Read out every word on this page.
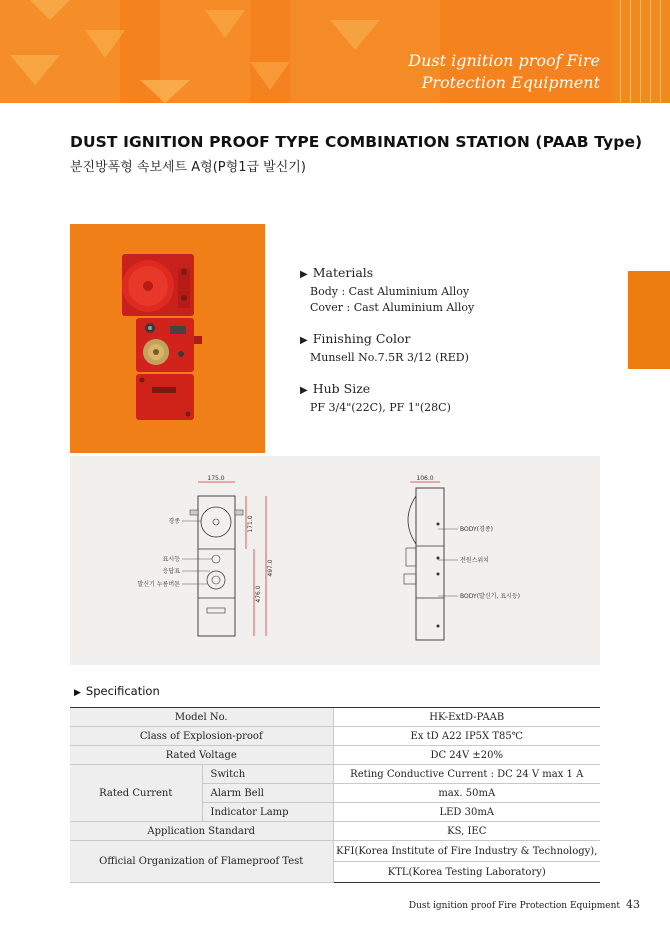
Dust ignition proof Fire
Protection Equipment
DUST IGNITION PROOF TYPE COMBINATION STATION (PAAB Type)
분진방폭형 속보세트 A형(P형1급 발신기)
▶ Materials
Body : Cast Aluminium Alloy
Cover : Cast Aluminium Alloy
▶ Finishing Color
Munsell No.7.5R 3/12 (RED)
▶ Hub Size
PF 3/4"(22C), PF 1"(28C)
175.0
경종
표시등
응답표
발신기 누름버튼
171.0
476.0
497.0
106.0
BODY(경종)
전원스위치
BODY(발신기, 표시등)
▶ Specification
Model No.		HK-ExtD-PAAB
Class of Explosion-proof		Ex tD A22 IP5X T85℃
Rated Voltage		DC 24V ±20%
Rated Current	Switch	Reting Conductive Current : DC 24 V max 1 A
	Alarm Bell	max. 50mA
	Indicator Lamp	LED 30mA
Application Standard		KS, IEC
Official Organization of Flameproof Test		KFI(Korea Institute of Fire Industry & Technology),
		KTL(Korea Testing Laboratory)
Dust ignition proof Fire Protection Equipment 43
